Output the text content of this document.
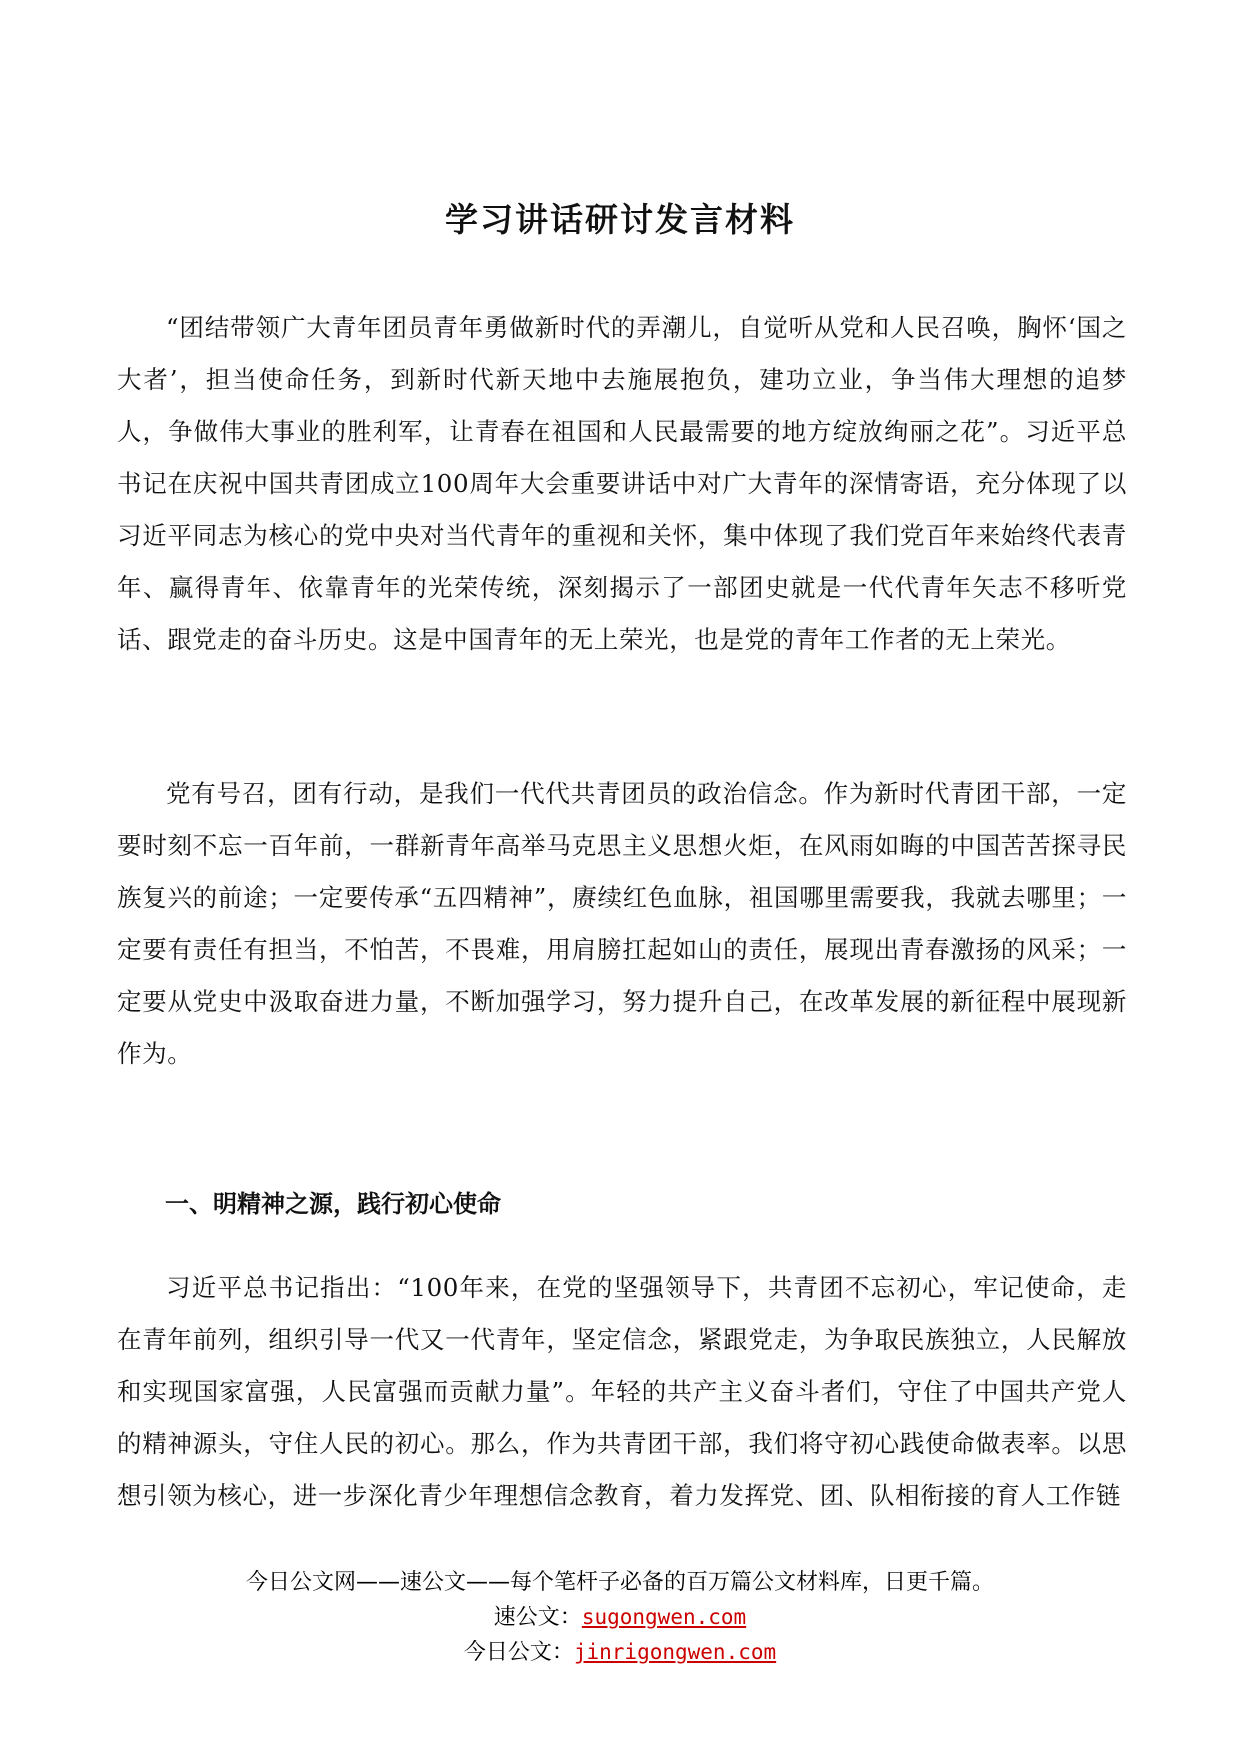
学习讲话研讨发言材料

“团结带领广大青年团员青年勇做新时代的弄潮儿，自觉听从党和人民召唤，胸怀‘国之大者’，担当使命任务，到新时代新天地中去施展抱负，建功立业，争当伟大理想的追梦人，争做伟大事业的胜利军，让青春在祖国和人民最需要的地方绽放绚丽之花”。习近平总书记在庆祝中国共青团成立100周年大会重要讲话中对广大青年的深情寄语，充分体现了以习近平同志为核心的党中央对当代青年的重视和关怀，集中体现了我们党百年来始终代表青年、赢得青年、依靠青年的光荣传统，深刻揭示了一部团史就是一代代青年矢志不移听党话、跟党走的奋斗历史。这是中国青年的无上荣光，也是党的青年工作者的无上荣光。

党有号召，团有行动，是我们一代代共青团员的政治信念。作为新时代青团干部，一定要时刻不忘一百年前，一群新青年高举马克思主义思想火炬，在风雨如晦的中国苦苦探寻民族复兴的前途；一定要传承“五四精神”，赓续红色血脉，祖国哪里需要我，我就去哪里；一定要有责任有担当，不怕苦，不畏难，用肩膀扛起如山的责任，展现出青春激扬的风采；一定要从党史中汲取奋进力量，不断加强学习，努力提升自己，在改革发展的新征程中展现新作为。

一、明精神之源，践行初心使命

习近平总书记指出：“100年来，在党的坚强领导下，共青团不忘初心，牢记使命，走在青年前列，组织引导一代又一代青年，坚定信念，紧跟党走，为争取民族独立，人民解放和实现国家富强，人民富强而贡献力量”。年轻的共产主义奋斗者们，守住了中国共产党人的精神源头，守住人民的初心。那么，作为共青团干部，我们将守初心践使命做表率。以思想引领为核心，进一步深化青少年理想信念教育，着力发挥党、团、队相衔接的育人工作链

今日公文网——速公文——每个笔杆子必备的百万篇公文材料库，日更千篇。

速公文：sugongwen.com

今日公文：jinrigongwen.com
